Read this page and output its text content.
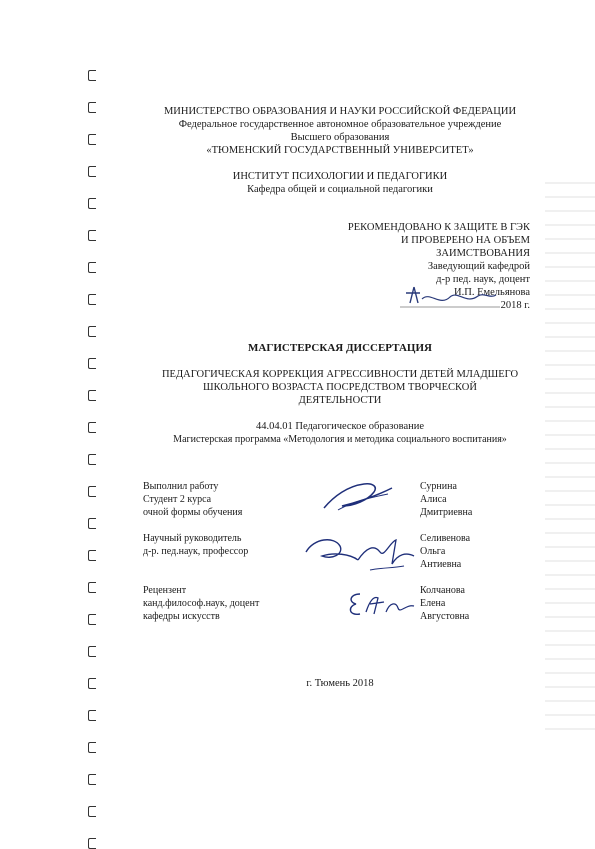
МИНИСТЕРСТВО ОБРАЗОВАНИЯ И НАУКИ РОССИЙСКОЙ ФЕДЕРАЦИИ
Федеральное государственное автономное образовательное учреждение
Высшего образования
«ТЮМЕНСКИЙ ГОСУДАРСТВЕННЫЙ УНИВЕРСИТЕТ»
ИНСТИТУТ ПСИХОЛОГИИ И ПЕДАГОГИКИ
Кафедра общей и социальной педагогики
РЕКОМЕНДОВАНО К ЗАЩИТЕ В ГЭК
И ПРОВЕРЕНО НА ОБЪЕМ
ЗАИМСТВОВАНИЯ
Заведующий кафедрой
д-р пед. наук, доцент
И.П. Емельянова
2018 г.
МАГИСТЕРСКАЯ ДИССЕРТАЦИЯ
ПЕДАГОГИЧЕСКАЯ КОРРЕКЦИЯ АГРЕССИВНОСТИ ДЕТЕЙ МЛАДШЕГО
ШКОЛЬНОГО ВОЗРАСТА ПОСРЕДСТВОМ ТВОРЧЕСКОЙ
ДЕЯТЕЛЬНОСТИ
44.04.01 Педагогическое образование
Магистерская программа «Методология и методика социального воспитания»
Выполнил работу
Студент 2 курса
очной формы обучения
Сурнина
Алиса
Дмитриевна
Научный руководитель
д-р. пед.наук, профессор
Селивенова
Ольга
Антиевна
Рецензент
канд.философ.наук, доцент
кафедры искусств
Колчанова
Елена
Августовна
г. Тюмень 2018
